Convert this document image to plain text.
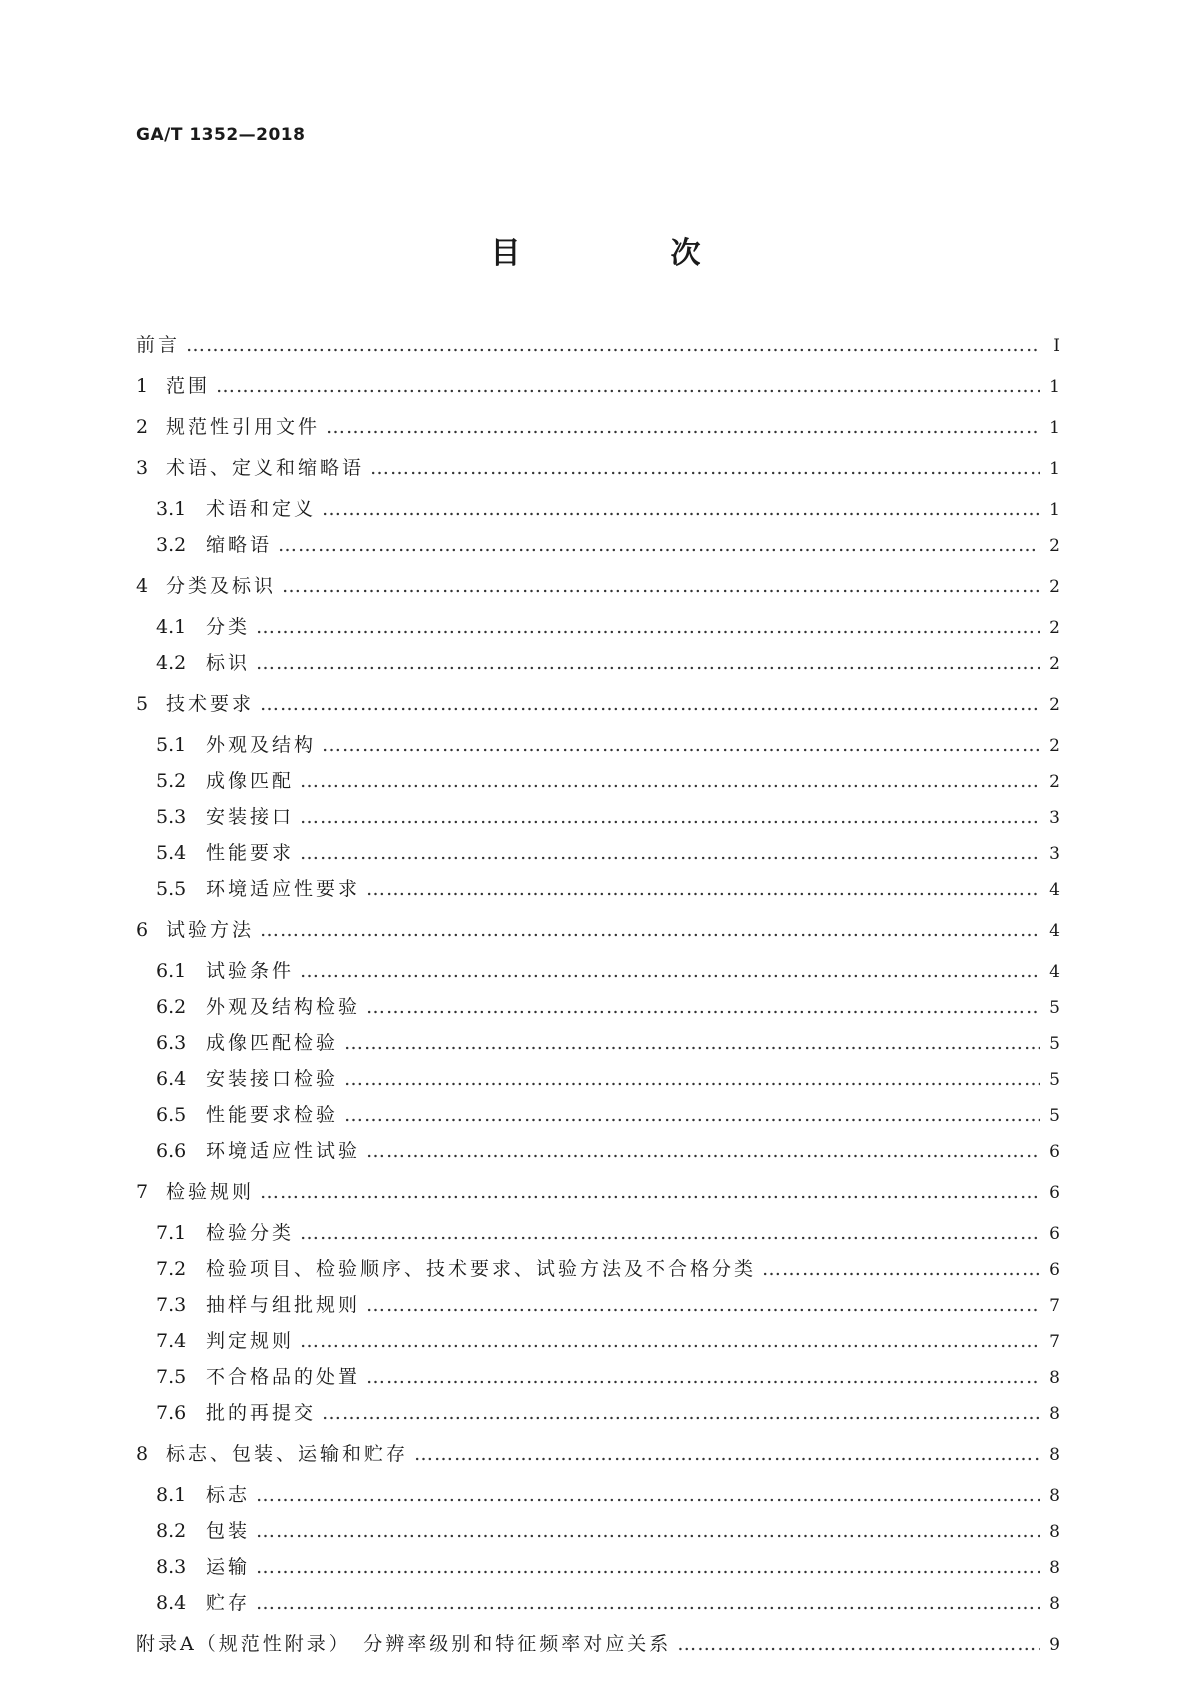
GA/T 1352—2018
目　次
前言 ……………………………………………………………………………………………………………………………………………………………………………………………………	Ⅰ
1 范围 ……………………………………………………………………………………………………………………………………………………………………………………………………	1
2 规范性引用文件 ……………………………………………………………………………………………………………………………………………………………………………………………………	1
3 术语、定义和缩略语 ……………………………………………………………………………………………………………………………………………………………………………………………………	1
3.1	术语和定义 ……………………………………………………………………………………………………………………………………………………………………………………………………	1
3.2	缩略语 ……………………………………………………………………………………………………………………………………………………………………………………………………	2
4 分类及标识 ……………………………………………………………………………………………………………………………………………………………………………………………………	2
4.1	分类 ……………………………………………………………………………………………………………………………………………………………………………………………………	2
4.2	标识 ……………………………………………………………………………………………………………………………………………………………………………………………………	2
5 技术要求 ……………………………………………………………………………………………………………………………………………………………………………………………………	2
5.1	外观及结构 ……………………………………………………………………………………………………………………………………………………………………………………………………	2
5.2	成像匹配 ……………………………………………………………………………………………………………………………………………………………………………………………………	2
5.3	安装接口 ……………………………………………………………………………………………………………………………………………………………………………………………………	3
5.4	性能要求 ……………………………………………………………………………………………………………………………………………………………………………………………………	3
5.5	环境适应性要求 ……………………………………………………………………………………………………………………………………………………………………………………………………	4
6 试验方法 ……………………………………………………………………………………………………………………………………………………………………………………………………	4
6.1	试验条件 ……………………………………………………………………………………………………………………………………………………………………………………………………	4
6.2	外观及结构检验 ……………………………………………………………………………………………………………………………………………………………………………………………………	5
6.3	成像匹配检验 ……………………………………………………………………………………………………………………………………………………………………………………………………	5
6.4	安装接口检验 ……………………………………………………………………………………………………………………………………………………………………………………………………	5
6.5	性能要求检验 ……………………………………………………………………………………………………………………………………………………………………………………………………	5
6.6	环境适应性试验 ……………………………………………………………………………………………………………………………………………………………………………………………………	6
7 检验规则 ……………………………………………………………………………………………………………………………………………………………………………………………………	6
7.1	检验分类 ……………………………………………………………………………………………………………………………………………………………………………………………………	6
7.2	检验项目、检验顺序、技术要求、试验方法及不合格分类 ……………………………………………………………………………………………………………………………………………………………………………………………………	6
7.3	抽样与组批规则 ……………………………………………………………………………………………………………………………………………………………………………………………………	7
7.4	判定规则 ……………………………………………………………………………………………………………………………………………………………………………………………………	7
7.5	不合格品的处置 ……………………………………………………………………………………………………………………………………………………………………………………………………	8
7.6	批的再提交 ……………………………………………………………………………………………………………………………………………………………………………………………………	8
8 标志、包装、运输和贮存 ……………………………………………………………………………………………………………………………………………………………………………………………………	8
8.1	标志 ……………………………………………………………………………………………………………………………………………………………………………………………………	8
8.2	包装 ……………………………………………………………………………………………………………………………………………………………………………………………………	8
8.3	运输 ……………………………………………………………………………………………………………………………………………………………………………………………………	8
8.4	贮存 ……………………………………………………………………………………………………………………………………………………………………………………………………	8
附录A（规范性附录）　分辨率级别和特征频率对应关系 ……………………………………………………………………………………………………………………………………………………………………………………………………	9
